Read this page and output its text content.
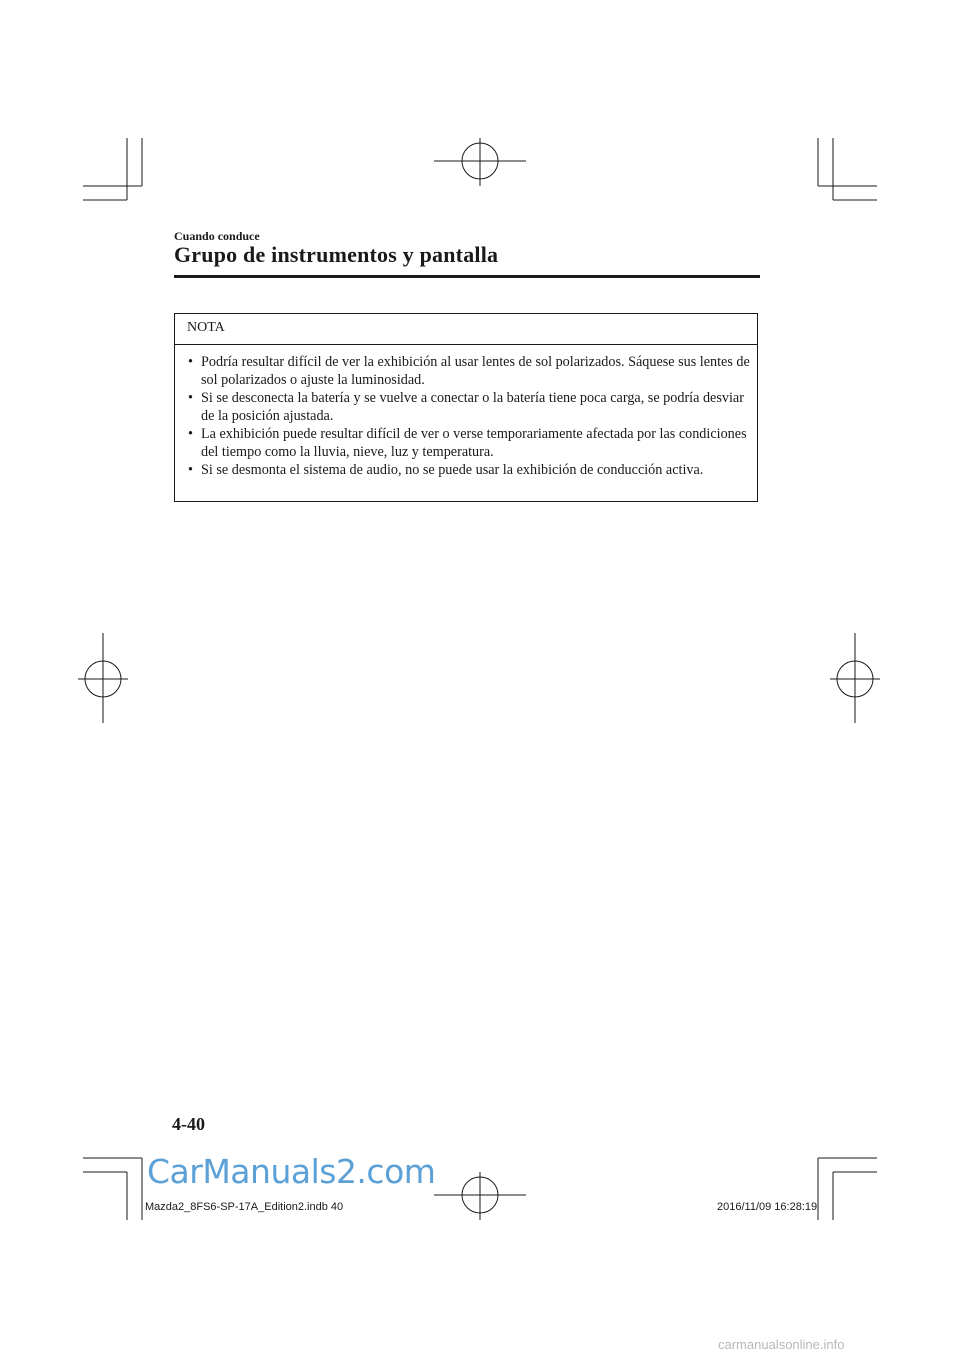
Cuando conduce
Grupo de instrumentos y pantalla
NOTA
• Podría resultar difícil de ver la exhibición al usar lentes de sol polarizados. Sáquese sus lentes de sol polarizados o ajuste la luminosidad.
• Si se desconecta la batería y se vuelve a conectar o la batería tiene poca carga, se podría desviar de la posición ajustada.
• La exhibición puede resultar difícil de ver o verse temporariamente afectada por las condiciones del tiempo como la lluvia, nieve, luz y temperatura.
• Si se desmonta el sistema de audio, no se puede usar la exhibición de conducción activa.
4-40
CarManuals2.com
Mazda2_8FS6-SP-17A_Edition2.indb 40	2016/11/09 16:28:19
carmanualsonline.info
